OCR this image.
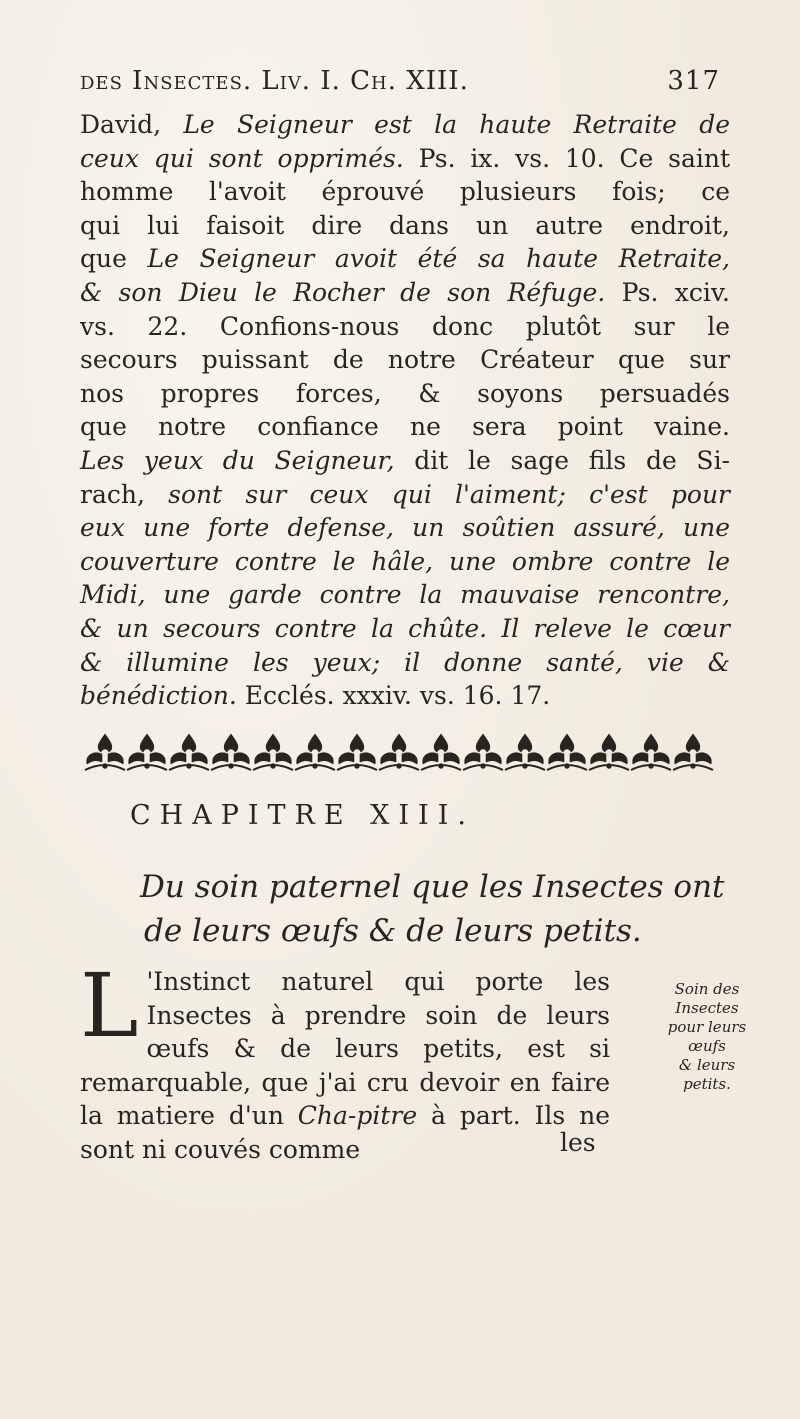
des Insectes. Liv. I. Ch. XIII.	317

David, Le Seigneur est la haute Retraite de

ceux qui sont opprimés. Ps. ix. vs. 10. Ce saint

homme l'avoit éprouvé plusieurs fois; ce

qui lui faisoit dire dans un autre endroit,

que Le Seigneur avoit été sa haute Retraite,

& son Dieu le Rocher de son Réfuge. Ps. xciv.

vs. 22. Confions-nous donc plutôt sur le

secours puissant de notre Créateur que sur

nos propres forces, & soyons persuadés

que notre confiance ne sera point vaine.

Les yeux du Seigneur, dit le sage fils de Si-

rach, sont sur ceux qui l'aiment; c'est pour

eux une forte defense, un soûtien assuré, une

couverture contre le hâle, une ombre contre le

Midi, une garde contre la mauvaise rencontre,

& un secours contre la chûte. Il releve le cœur

& illumine les yeux; il donne santé, vie &

bénédiction. Ecclés. xxxiv. vs. 16. 17.

CHAPITRE XIII.
Du soin paternel que les Insectes ont
de leurs œufs & de leurs petits.
L 'Instinct naturel qui porte les Insectes à prendre soin de leurs œufs & de leurs petits, est si remarquable, que j'ai cru devoir en faire la matiere d'un Cha-pitre à part. Ils ne sont ni couvés comme	les
Soin des
Insectes
pour leurs
œufs
& leurs
petits.
